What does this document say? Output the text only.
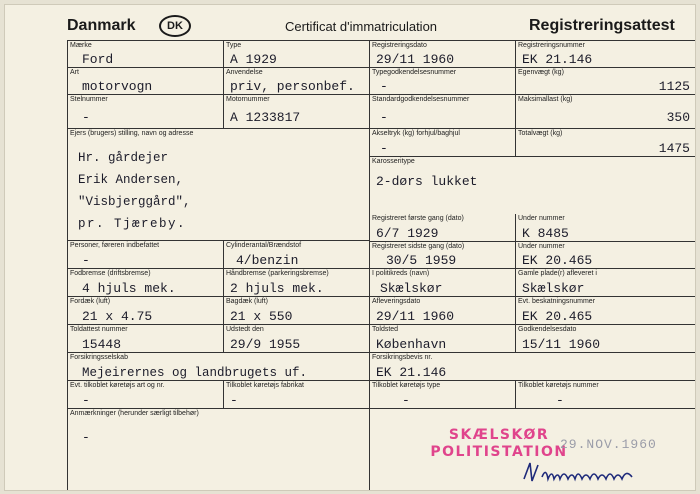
Danmark	DK	Certificat d'immatriculation	Registreringsattest
Mærke
Ford
Type
A 1929
Registreringsdato
29/11 1960
Registreringsnummer
EK 21.146
Art
motorvogn
Anvendelse
priv, personbef.
Typegodkendelsesnummer
-
Egenvægt (kg)
1125
Stelnummer
-
Motornummer
A 1233817
Standardgodkendelsesnummer
-
Maksimallast (kg)
350
Ejers (brugers) stilling, navn og adresse
Hr. gårdejer
Erik Andersen,
"Visbjerggård",
pr. Tjæreby.
Akseltryk (kg) forhjul/baghjul
-
Totalvægt (kg)
1475
Karosseritype
2-dørs lukket
Registreret første gang (dato)
6/7 1929
Under nummer
K 8485
Personer, føreren indbefattet
-
Cylinderantal/Brændstof
4/benzin
Registreret sidste gang (dato)
30/5 1959
Under nummer
EK 20.465
Fodbremse (driftsbremse)
4 hjuls mek.
Håndbremse (parkeringsbremse)
2 hjuls mek.
I politikreds (navn)
Skælskør
Gamle plade(r) afleveret i
Skælskør
Fordæk (luft)
21 x 4.75
Bagdæk (luft)
21 x 550
Afleveringsdato
29/11 1960
Evt. beskatningsnummer
EK 20.465
Toldattest nummer
15448
Udstedt den
29/9 1955
Toldsted
København
Godkendelsesdato
15/11 1960
Forsikringsselskab
Mejeirernes og landbrugets uf.
Forsikringsbevis nr.
EK 21.146
Evt. tilkoblet køretøjs art og nr.
-
Tilkoblet køretøjs fabrikat
-
Tilkoblet køretøjs type
-
Tilkoblet køretøjs nummer
-
Anmærkninger (herunder særligt tilbehør)
-	SKÆLSKØR
POLITISTATION
29.NOV.1960
